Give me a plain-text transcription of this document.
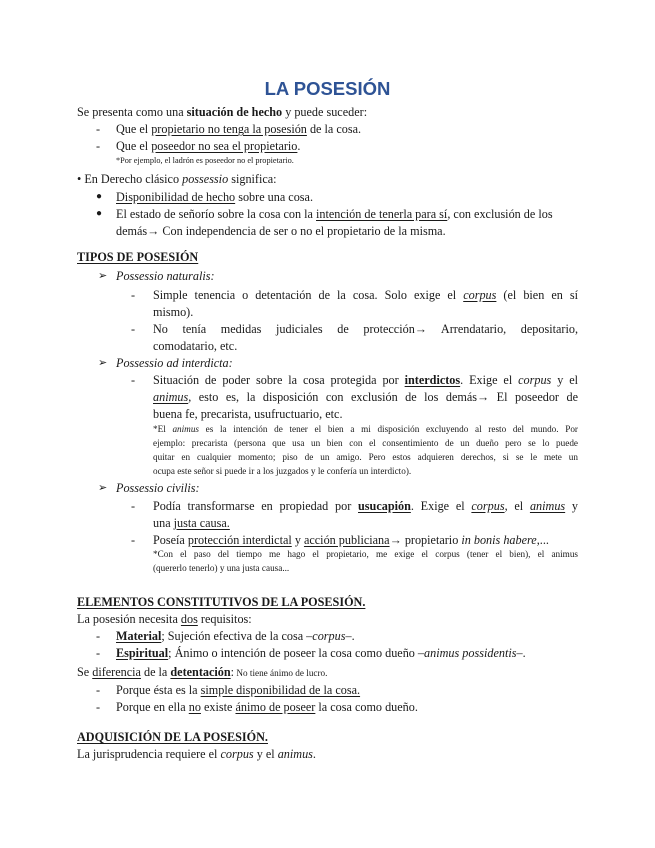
LA POSESIÓN
Se presenta como una situación de hecho y puede suceder:
- Que el propietario no tenga la posesión de la cosa.
- Que el poseedor no sea el propietario.
*Por ejemplo, el ladrón es poseedor no el propietario.
• En Derecho clásico possessio significa:
● Disponibilidad de hecho sobre una cosa.
● El estado de señorío sobre la cosa con la intención de tenerla para sí, con exclusión de los
demás→ Con independencia de ser o no el propietario de la misma.
TIPOS DE POSESIÓN
➢ Possessio naturalis:
- Simple tenencia o detentación de la cosa. Solo exige el corpus (el bien en sí
mismo).
- No tenía medidas judiciales de protección→ Arrendatario, depositario,
comodatario, etc.
➢ Possessio ad interdicta:
- Situación de poder sobre la cosa protegida por interdictos. Exige el corpus y el
animus, esto es, la disposición con exclusión de los demás→ El poseedor de
buena fe, precarista, usufructuario, etc.
*El animus es la intención de tener el bien a mi disposición excluyendo al resto del mundo. Por
ejemplo: precarista (persona que usa un bien con el consentimiento de un dueño pero se lo puede
quitar en cualquier momento; piso de un amigo. Pero estos adquieren derechos, si se le mete un
ocupa este señor si puede ir a los juzgados y le confería un interdicto).
➢ Possessio civilis:
- Podía transformarse en propiedad por usucapión. Exige el corpus, el animus y
una justa causa.
- Poseía protección interdictal y acción publiciana→ propietario in bonis habere,...
*Con el paso del tiempo me hago el propietario, me exige el corpus (tener el bien), el animus
(quererlo tenerlo) y una justa causa...
ELEMENTOS CONSTITUTIVOS DE LA POSESIÓN.
La posesión necesita dos requisitos:
- Material; Sujeción efectiva de la cosa –corpus–.
- Espiritual; Ánimo o intención de poseer la cosa como dueño –animus possidentis–.
Se diferencia de la detentación: No tiene ánimo de lucro.
- Porque ésta es la simple disponibilidad de la cosa.
- Porque en ella no existe ánimo de poseer la cosa como dueño.
ADQUISICIÓN DE LA POSESIÓN.
La jurisprudencia requiere el corpus y el animus.
